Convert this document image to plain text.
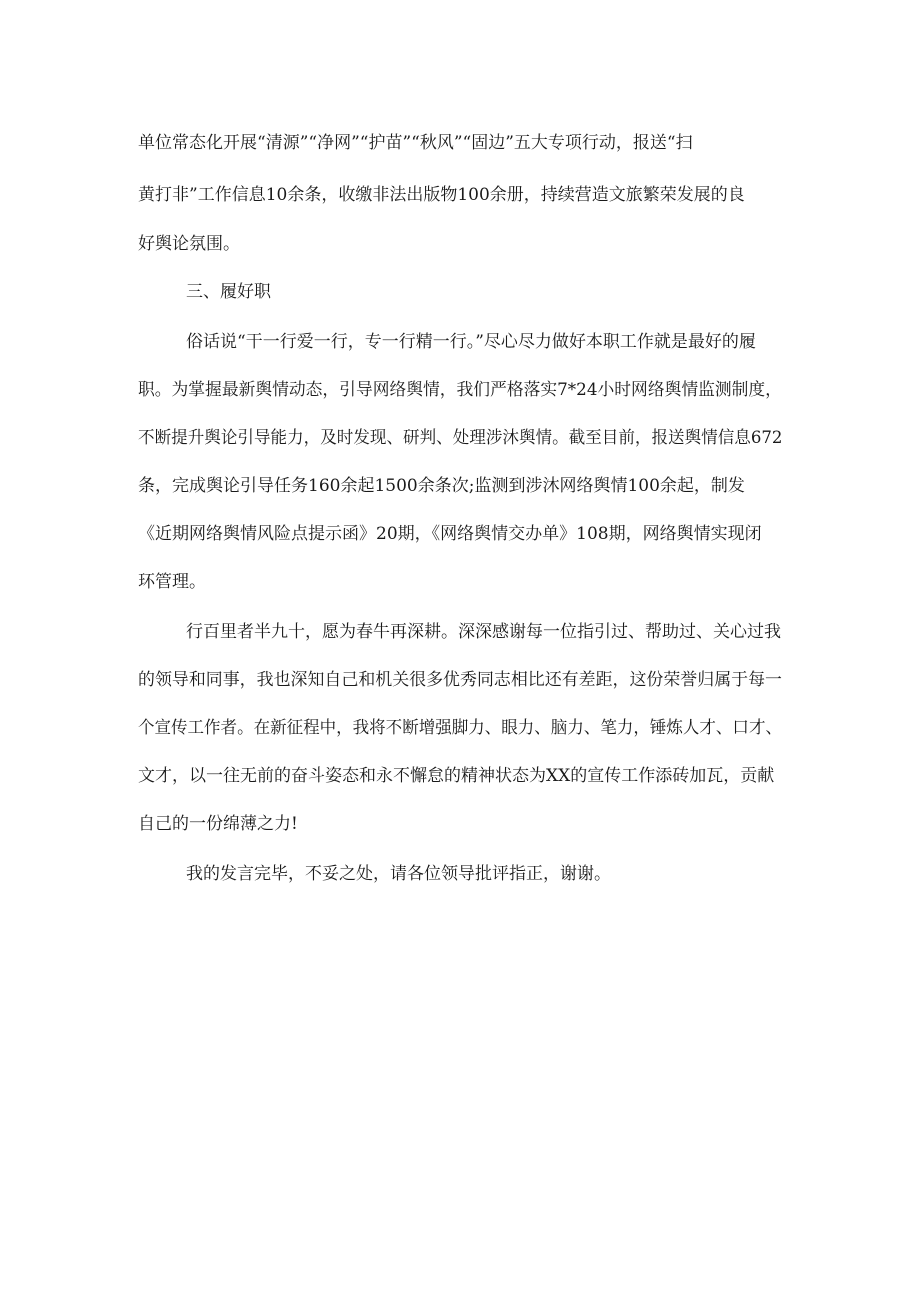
单位常态化开展“清源”“净网”“护苗”“秋风”“固边”五大专项行动，报送“扫
黄打非”工作信息10余条，收缴非法出版物100余册，持续营造文旅繁荣发展的良
好舆论氛围。
三、履好职
俗话说“干一行爱一行，专一行精一行。”尽心尽力做好本职工作就是最好的履
职。为掌握最新舆情动态，引导网络舆情，我们严格落实7*24小时网络舆情监测制度，
不断提升舆论引导能力，及时发现、研判、处理涉沐舆情。截至目前，报送舆情信息672
条，完成舆论引导任务160余起1500余条次;监测到涉沐网络舆情100余起，制发
《近期网络舆情风险点提示函》20期，《网络舆情交办单》108期，网络舆情实现闭
环管理。
行百里者半九十，愿为春牛再深耕。深深感谢每一位指引过、帮助过、关心过我
的领导和同事，我也深知自己和机关很多优秀同志相比还有差距，这份荣誉归属于每一
个宣传工作者。在新征程中，我将不断增强脚力、眼力、脑力、笔力，锤炼人才、口才、
文才，以一往无前的奋斗姿态和永不懈怠的精神状态为XX的宣传工作添砖加瓦，贡献
自己的一份绵薄之力!
我的发言完毕，不妥之处，请各位领导批评指正，谢谢。
